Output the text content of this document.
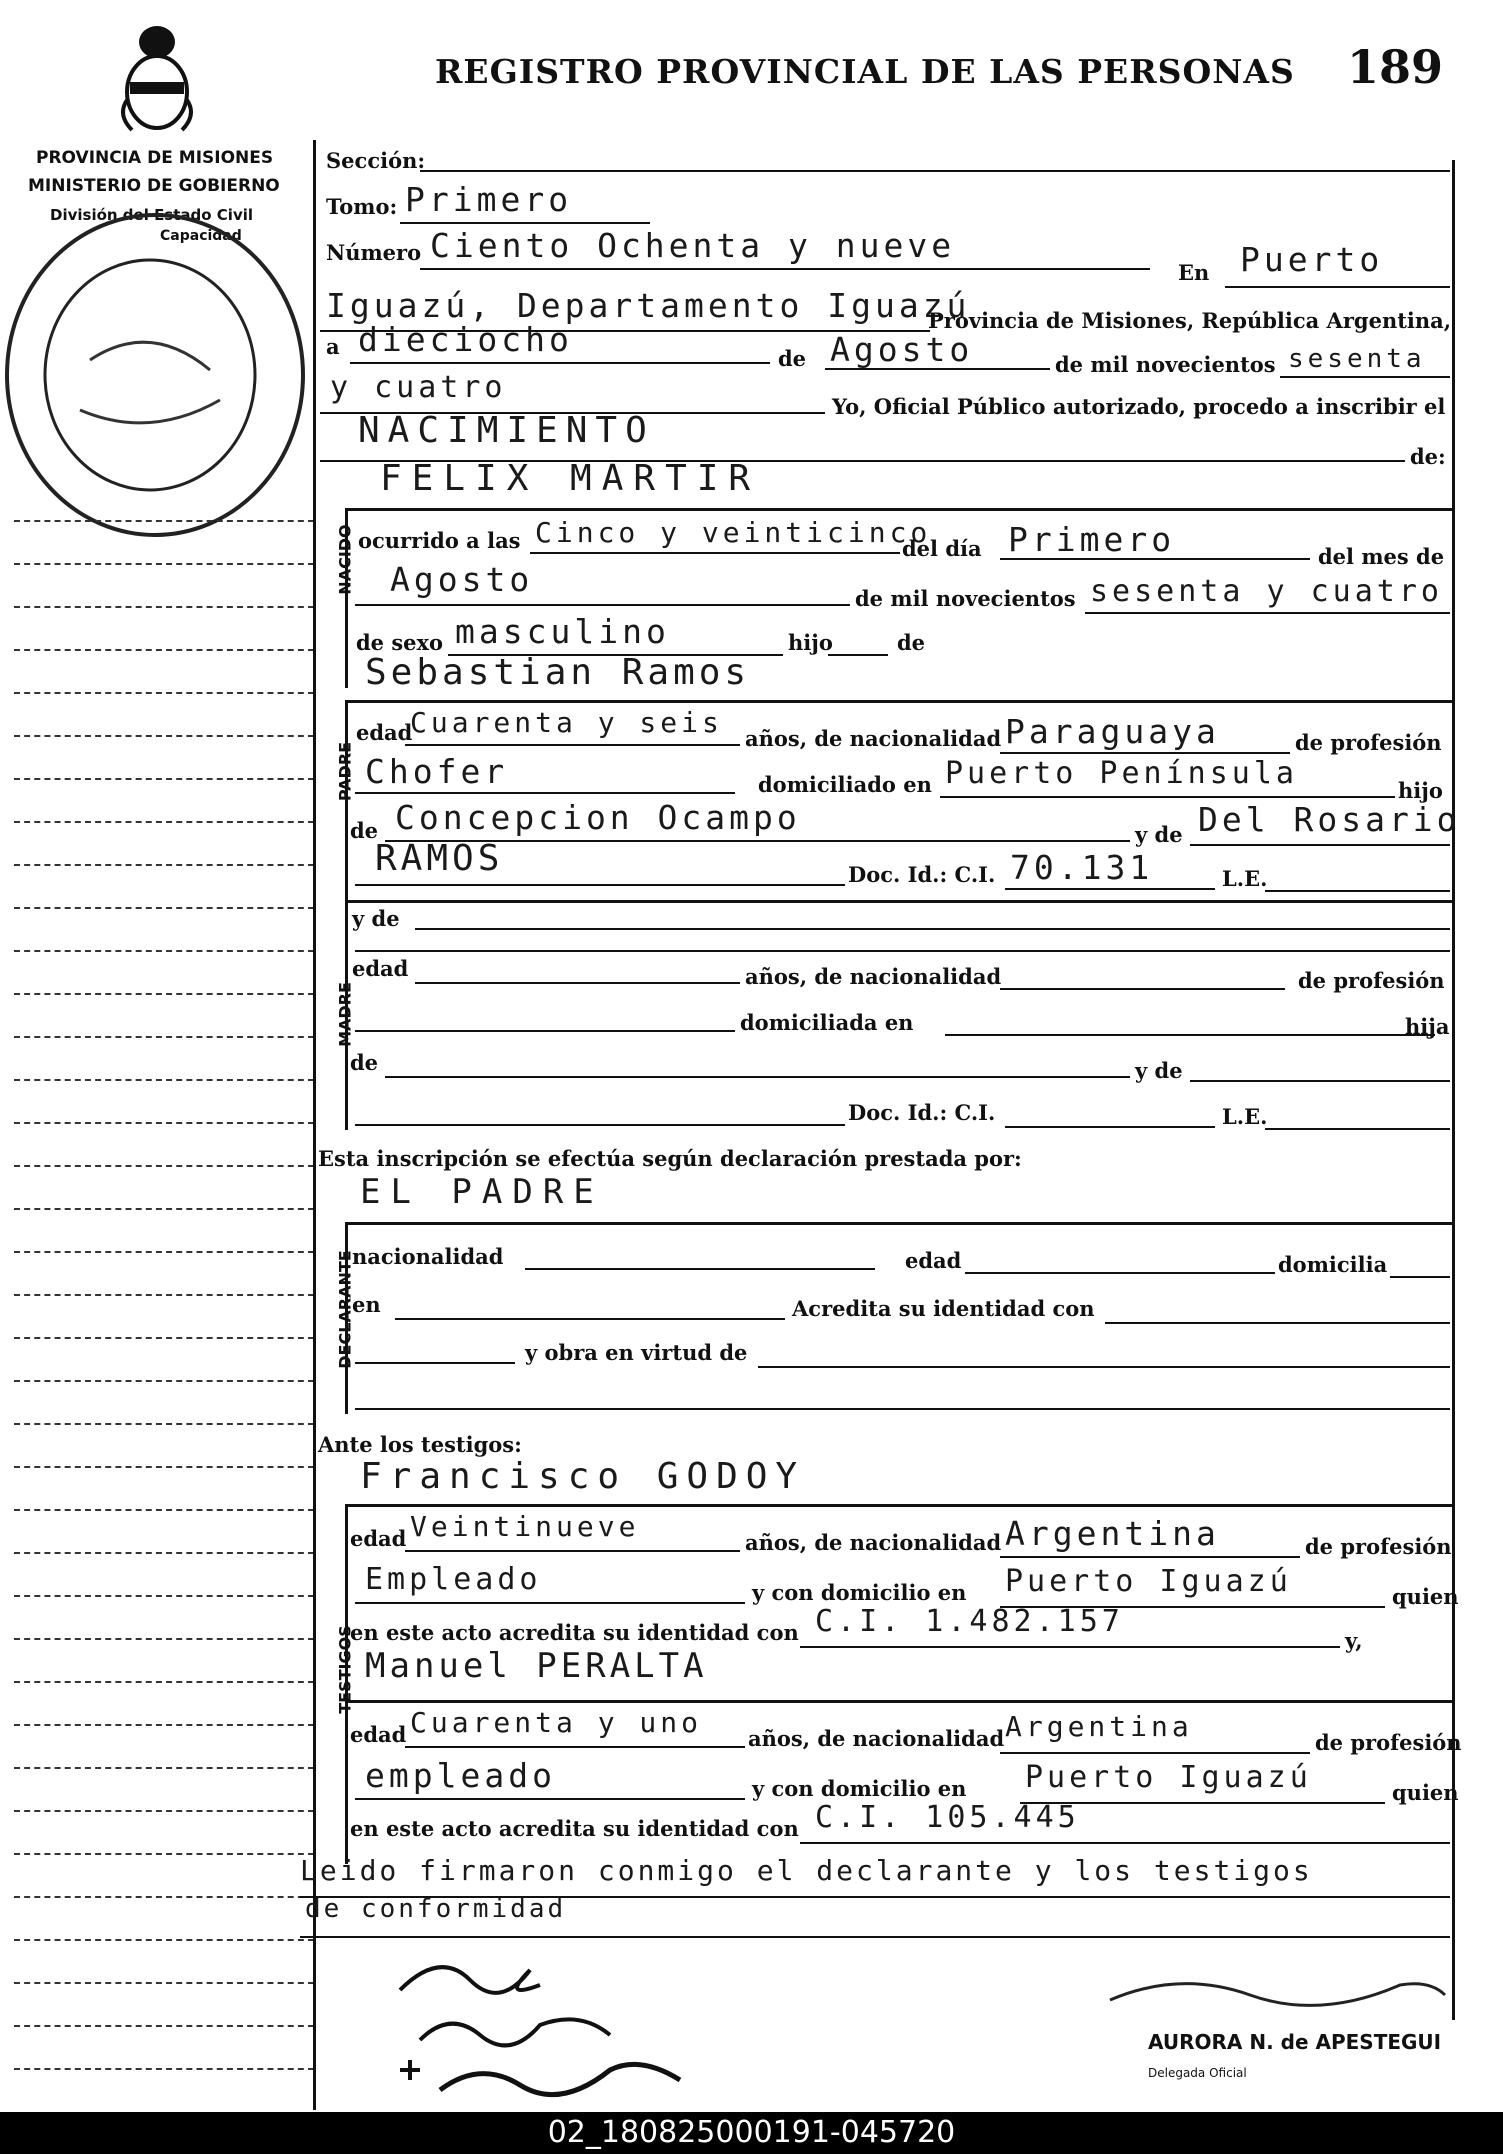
REGISTRO PROVINCIAL DE LAS PERSONAS 189
PROVINCIA DE MISIONES
MINISTERIO DE GOBIERNO
División del Estado Civil
Capacidad
Sección:
Tomo: Primero
Número Ciento Ochenta y nueve
En Puerto
Iguazú, Departamento Iguazú
Provincia de Misiones, República Argentina,
a dieciocho	de Agosto	de mil novecientos sesenta
y cuatro
Yo, Oficial Público autorizado, procedo a inscribir el
NACIMIENTO
de:
FELIX MARTIR
NACIDO ocurrido a las Cinco y veinticinco
del día Primero	del mes de
Agosto	de mil novecientos sesenta y cuatro
de sexo masculino	hijo	de
Sebastian Ramos
PADRE
edad
Cuarenta y seis años, de nacionalidad Paraguaya	de profesión
Chofer	domiciliado en Puerto Península	hijo
de Concepcion Ocampo	y de Del Rosario
RAMOS	Doc. Id.: C.I. 70.131	L.E.
MADRE
y de
edad	años, de nacionalidad	de profesión
domiciliada en	hija
de	y de
Doc. Id.: C.I.	L.E.
Esta inscripción se efectúa según declaración prestada por:
EL PADRE
DECLARANTE
nacionalidad	edad	domicilia
en	Acredita su identidad con
y obra en virtud de
Ante los testigos:
Francisco GODOY
TESTIGOS
edad Veintinueve	años, de nacionalidad Argentina	de profesión
Empleado	y con domicilio en Puerto Iguazú	quien
en este acto acredita su identidad con C.I. 1.482.157
y,
Manuel PERALTA
edad Cuarenta y uno años, de nacionalidad Argentina	de profesión
empleado	y con domicilio en Puerto Iguazú	quien
en este acto acredita su identidad con C.I. 105.445
Leido firmaron conmigo el declarante y los testigos
de conformidad
AURORA N. de APESTEGUI
Delegada Oficial
02_180825000191-045720
